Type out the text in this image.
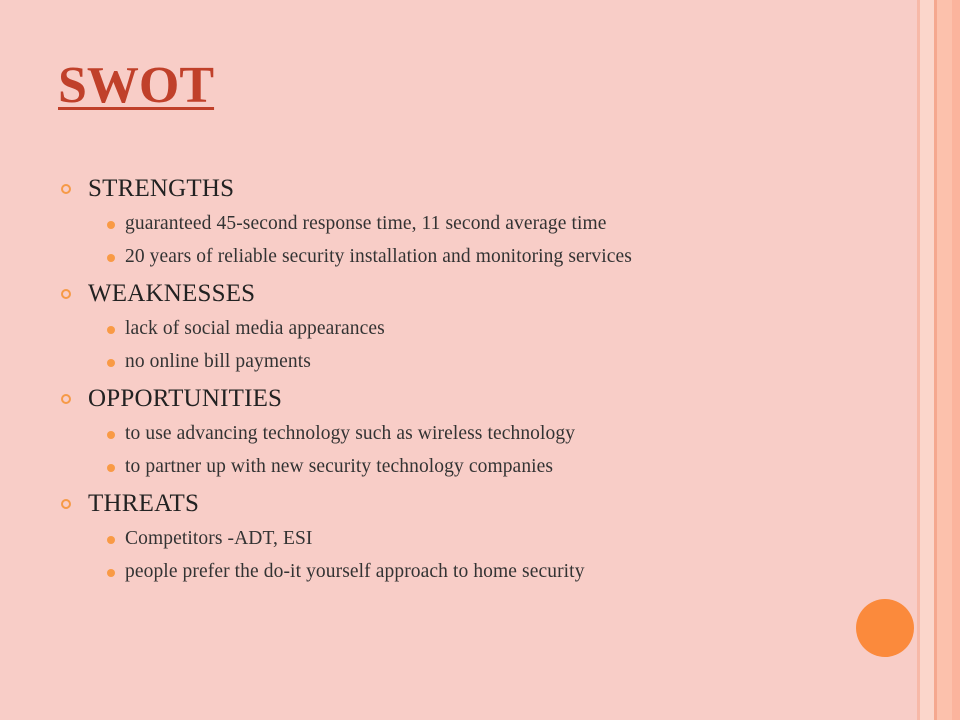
SWOT
STRENGTHS
guaranteed 45-second response time, 11 second average time
20 years of reliable security installation and monitoring services
WEAKNESSES
lack of social media appearances
no online bill payments
OPPORTUNITIES
to use advancing technology such as wireless technology
to partner up with new security technology companies
THREATS
Competitors -ADT, ESI
people prefer the do-it yourself approach to home security
